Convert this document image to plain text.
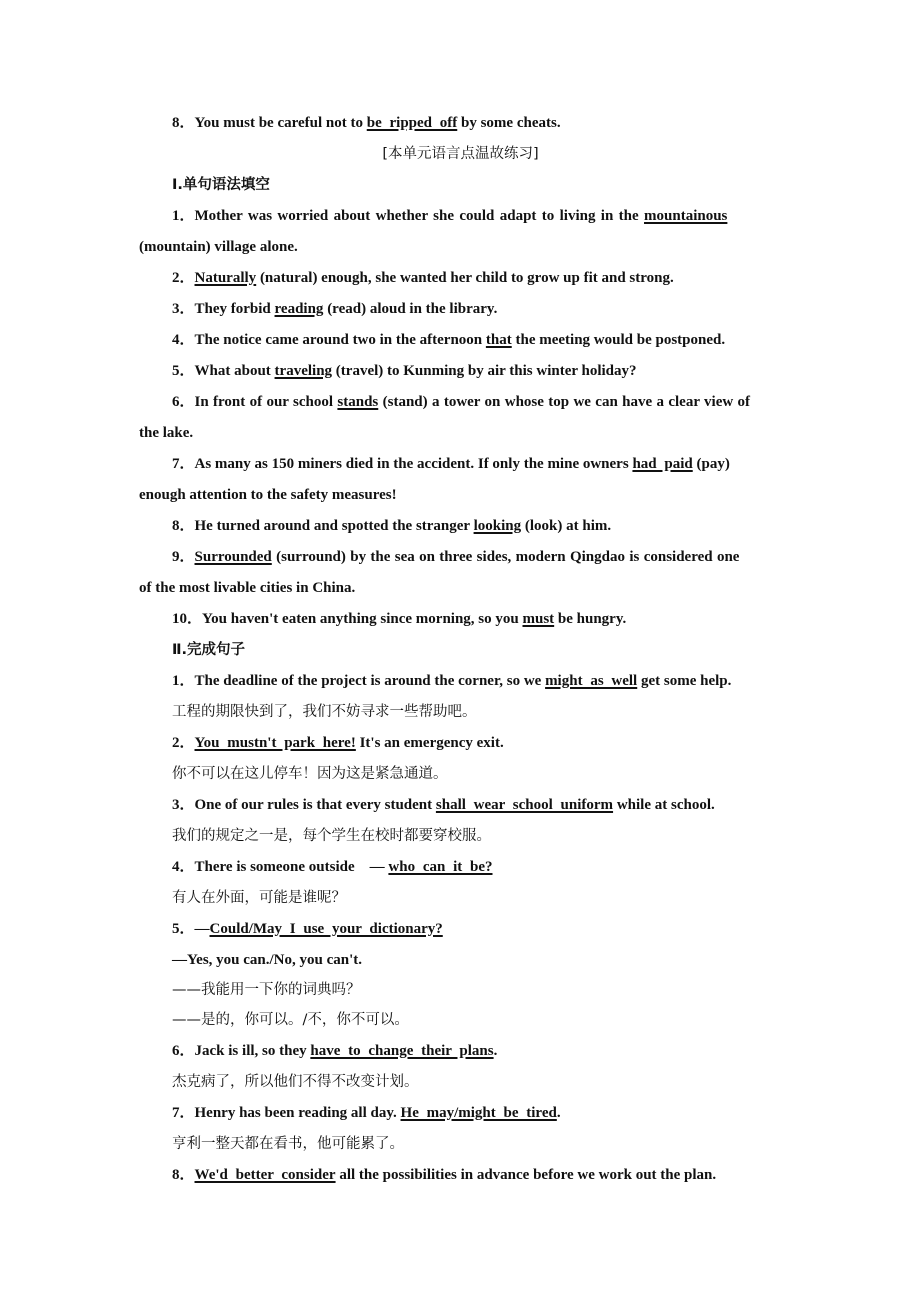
8．You must be careful not to be ripped off by some cheats.
[本单元语言点温故练习]
Ⅰ.单句语法填空
1．Mother was worried about whether she could adapt to living in the mountainous
(mountain) village alone.
2．Naturally (natural) enough, she wanted her child to grow up fit and strong.
3．They forbid reading (read) aloud in the library.
4．The notice came around two in the afternoon that the meeting would be postponed.
5．What about traveling (travel) to Kunming by air this winter holiday?
6．In front of our school stands (stand) a tower on whose top we can have a clear view of
the lake.
7．As many as 150 miners died in the accident. If only the mine owners had paid (pay)
enough attention to the safety measures!
8．He turned around and spotted the stranger looking (look) at him.
9．Surrounded (surround) by the sea on three sides, modern Qingdao is considered one
of the most livable cities in China.
10．You haven't eaten anything since morning, so you must be hungry.
Ⅱ.完成句子
1．The deadline of the project is around the corner, so we might as well get some help.
工程的期限快到了，我们不妨寻求一些帮助吧。
2．You mustn't park here! It's an emergency exit.
你不可以在这儿停车！因为这是紧急通道。
3．One of our rules is that every student shall wear school uniform while at school.
我们的规定之一是，每个学生在校时都要穿校服。
4．There is someone outside　— who can it be?
有人在外面，可能是谁呢？
5．—Could/May I use your dictionary?
—Yes, you can./No, you can't.
——我能用一下你的词典吗？
——是的，你可以。/不，你不可以。
6．Jack is ill, so they have to change their plans.
杰克病了，所以他们不得不改变计划。
7．Henry has been reading all day. He may/might be tired.
亨利一整天都在看书，他可能累了。
8．We'd better consider all the possibilities in advance before we work out the plan.
